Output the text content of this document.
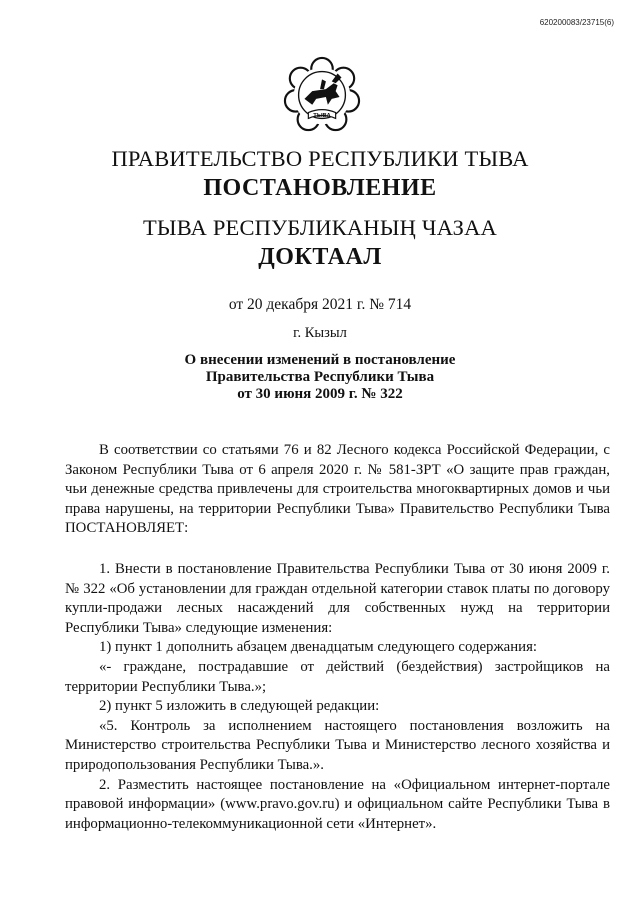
620200083/23715(6)
ТЫВА
ПРАВИТЕЛЬСТВО РЕСПУБЛИКИ ТЫВА
ПОСТАНОВЛЕНИЕ
ТЫВА РЕСПУБЛИКАНЫҢ ЧАЗАА
ДОКТААЛ
от 20 декабря 2021 г. № 714
г. Кызыл
О внесении изменений в постановление
Правительства Республики Тыва
от 30 июня 2009 г. № 322

В соответствии со статьями 76 и 82 Лесного кодекса Российской Федерации, с Законом Республики Тыва от 6 апреля 2020 г. № 581-ЗРТ «О защите прав граждан, чьи денежные средства привлечены для строительства многоквартирных домов и чьи права нарушены, на территории Республики Тыва» Правительство Республики Тыва ПОСТАНОВЛЯЕТ:

1. Внести в постановление Правительства Республики Тыва от 30 июня 2009 г. № 322 «Об установлении для граждан отдельной категории ставок платы по договору купли-продажи лесных насаждений для собственных нужд на территории Республики Тыва» следующие изменения:

1) пункт 1 дополнить абзацем двенадцатым следующего содержания:

«- граждане, пострадавшие от действий (бездействия) застройщиков на территории Республики Тыва.»;

2) пункт 5 изложить в следующей редакции:

«5. Контроль за исполнением настоящего постановления возложить на Министерство строительства Республики Тыва и Министерство лесного хозяйства и природопользования Республики Тыва.».

2. Разместить настоящее постановление на «Официальном интернет-портале правовой информации» (www.pravo.gov.ru) и официальном сайте Республики Тыва в информационно-телекоммуникационной сети «Интернет».
